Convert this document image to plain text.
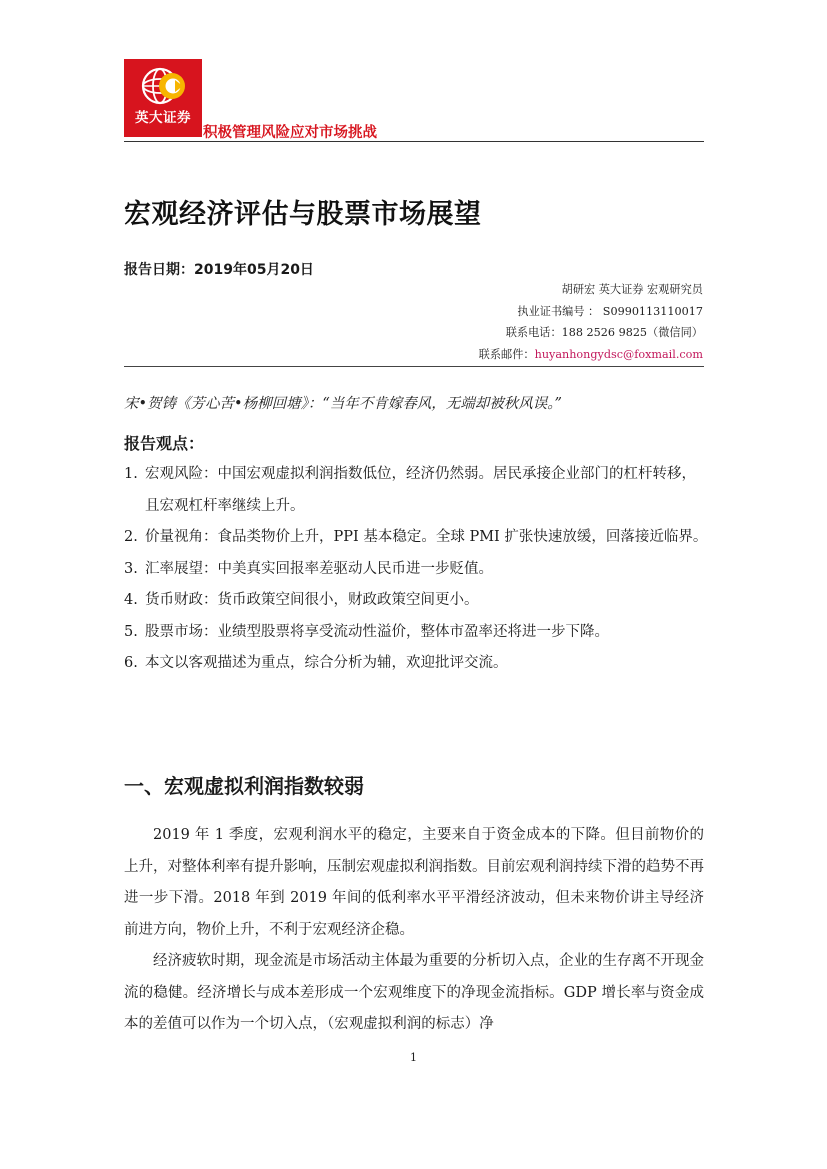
英大证券
积极管理风险应对市场挑战
宏观经济评估与股票市场展望
报告日期：2019年05月20日
胡研宏 英大证券 宏观研究员
执业证书编号 ： S0990113110017
联系电话：188 2526 9825（微信同）
联系邮件：huyanhongydsc@foxmail.com
宋•贺铸《芳心苦•杨柳回塘》：“当年不肯嫁春风，无端却被秋风误。”
报告观点：
1. 宏观风险：中国宏观虚拟利润指数低位，经济仍然弱。居民承接企业部门的杠杆转移，且宏观杠杆率继续上升。
2. 价量视角：食品类物价上升，PPI 基本稳定。全球 PMI 扩张快速放缓，回落接近临界。
3. 汇率展望：中美真实回报率差驱动人民币进一步贬值。
4. 货币财政：货币政策空间很小，财政政策空间更小。
5. 股票市场：业绩型股票将享受流动性溢价，整体市盈率还将进一步下降。
6. 本文以客观描述为重点，综合分析为辅，欢迎批评交流。
一、宏观虚拟利润指数较弱

2019 年 1 季度，宏观利润水平的稳定，主要来自于资金成本的下降。但目前物价的上升，对整体利率有提升影响，压制宏观虚拟利润指数。目前宏观利润持续下滑的趋势不再进一步下滑。2018 年到 2019 年间的低利率水平平滑经济波动，但未来物价讲主导经济前进方向，物价上升，不利于宏观经济企稳。

经济疲软时期，现金流是市场活动主体最为重要的分析切入点，企业的生存离不开现金流的稳健。经济增长与成本差形成一个宏观维度下的净现金流指标。GDP 增长率与资金成本的差值可以作为一个切入点，（宏观虚拟利润的标志）净

1
